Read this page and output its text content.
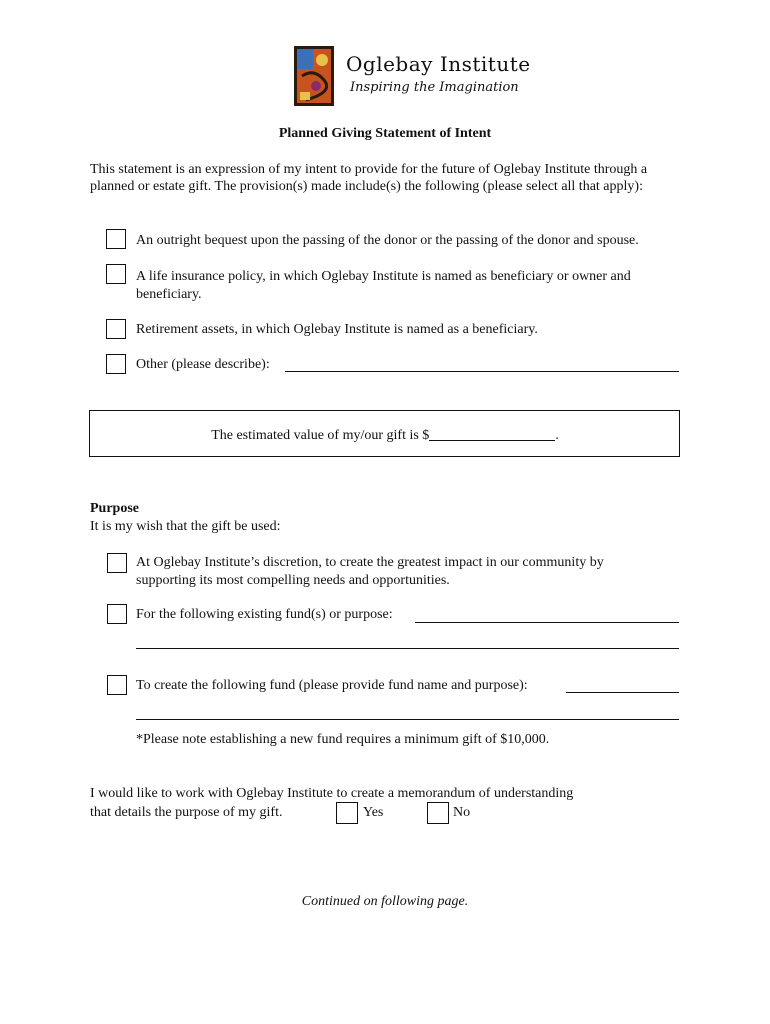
Oglebay Institute
Inspiring the Imagination
Planned Giving Statement of Intent
This statement is an expression of my intent to provide for the future of Oglebay Institute through a planned or estate gift. The provision(s) made include(s) the following (please select all that apply):
An outright bequest upon the passing of the donor or the passing of the donor and spouse.
A life insurance policy, in which Oglebay Institute is named as beneficiary or owner and beneficiary.
Retirement assets, in which Oglebay Institute is named as a beneficiary.
Other (please describe):
The estimated value of my/our gift is $	.
Purpose
It is my wish that the gift be used:
At Oglebay Institute’s discretion, to create the greatest impact in our community by supporting its most compelling needs and opportunities.
For the following existing fund(s) or purpose:
To create the following fund (please provide fund name and purpose):
*Please note establishing a new fund requires a minimum gift of $10,000.
I would like to work with Oglebay Institute to create a memorandum of understanding
that details the purpose of my gift.	Yes	No
Continued on following page.
